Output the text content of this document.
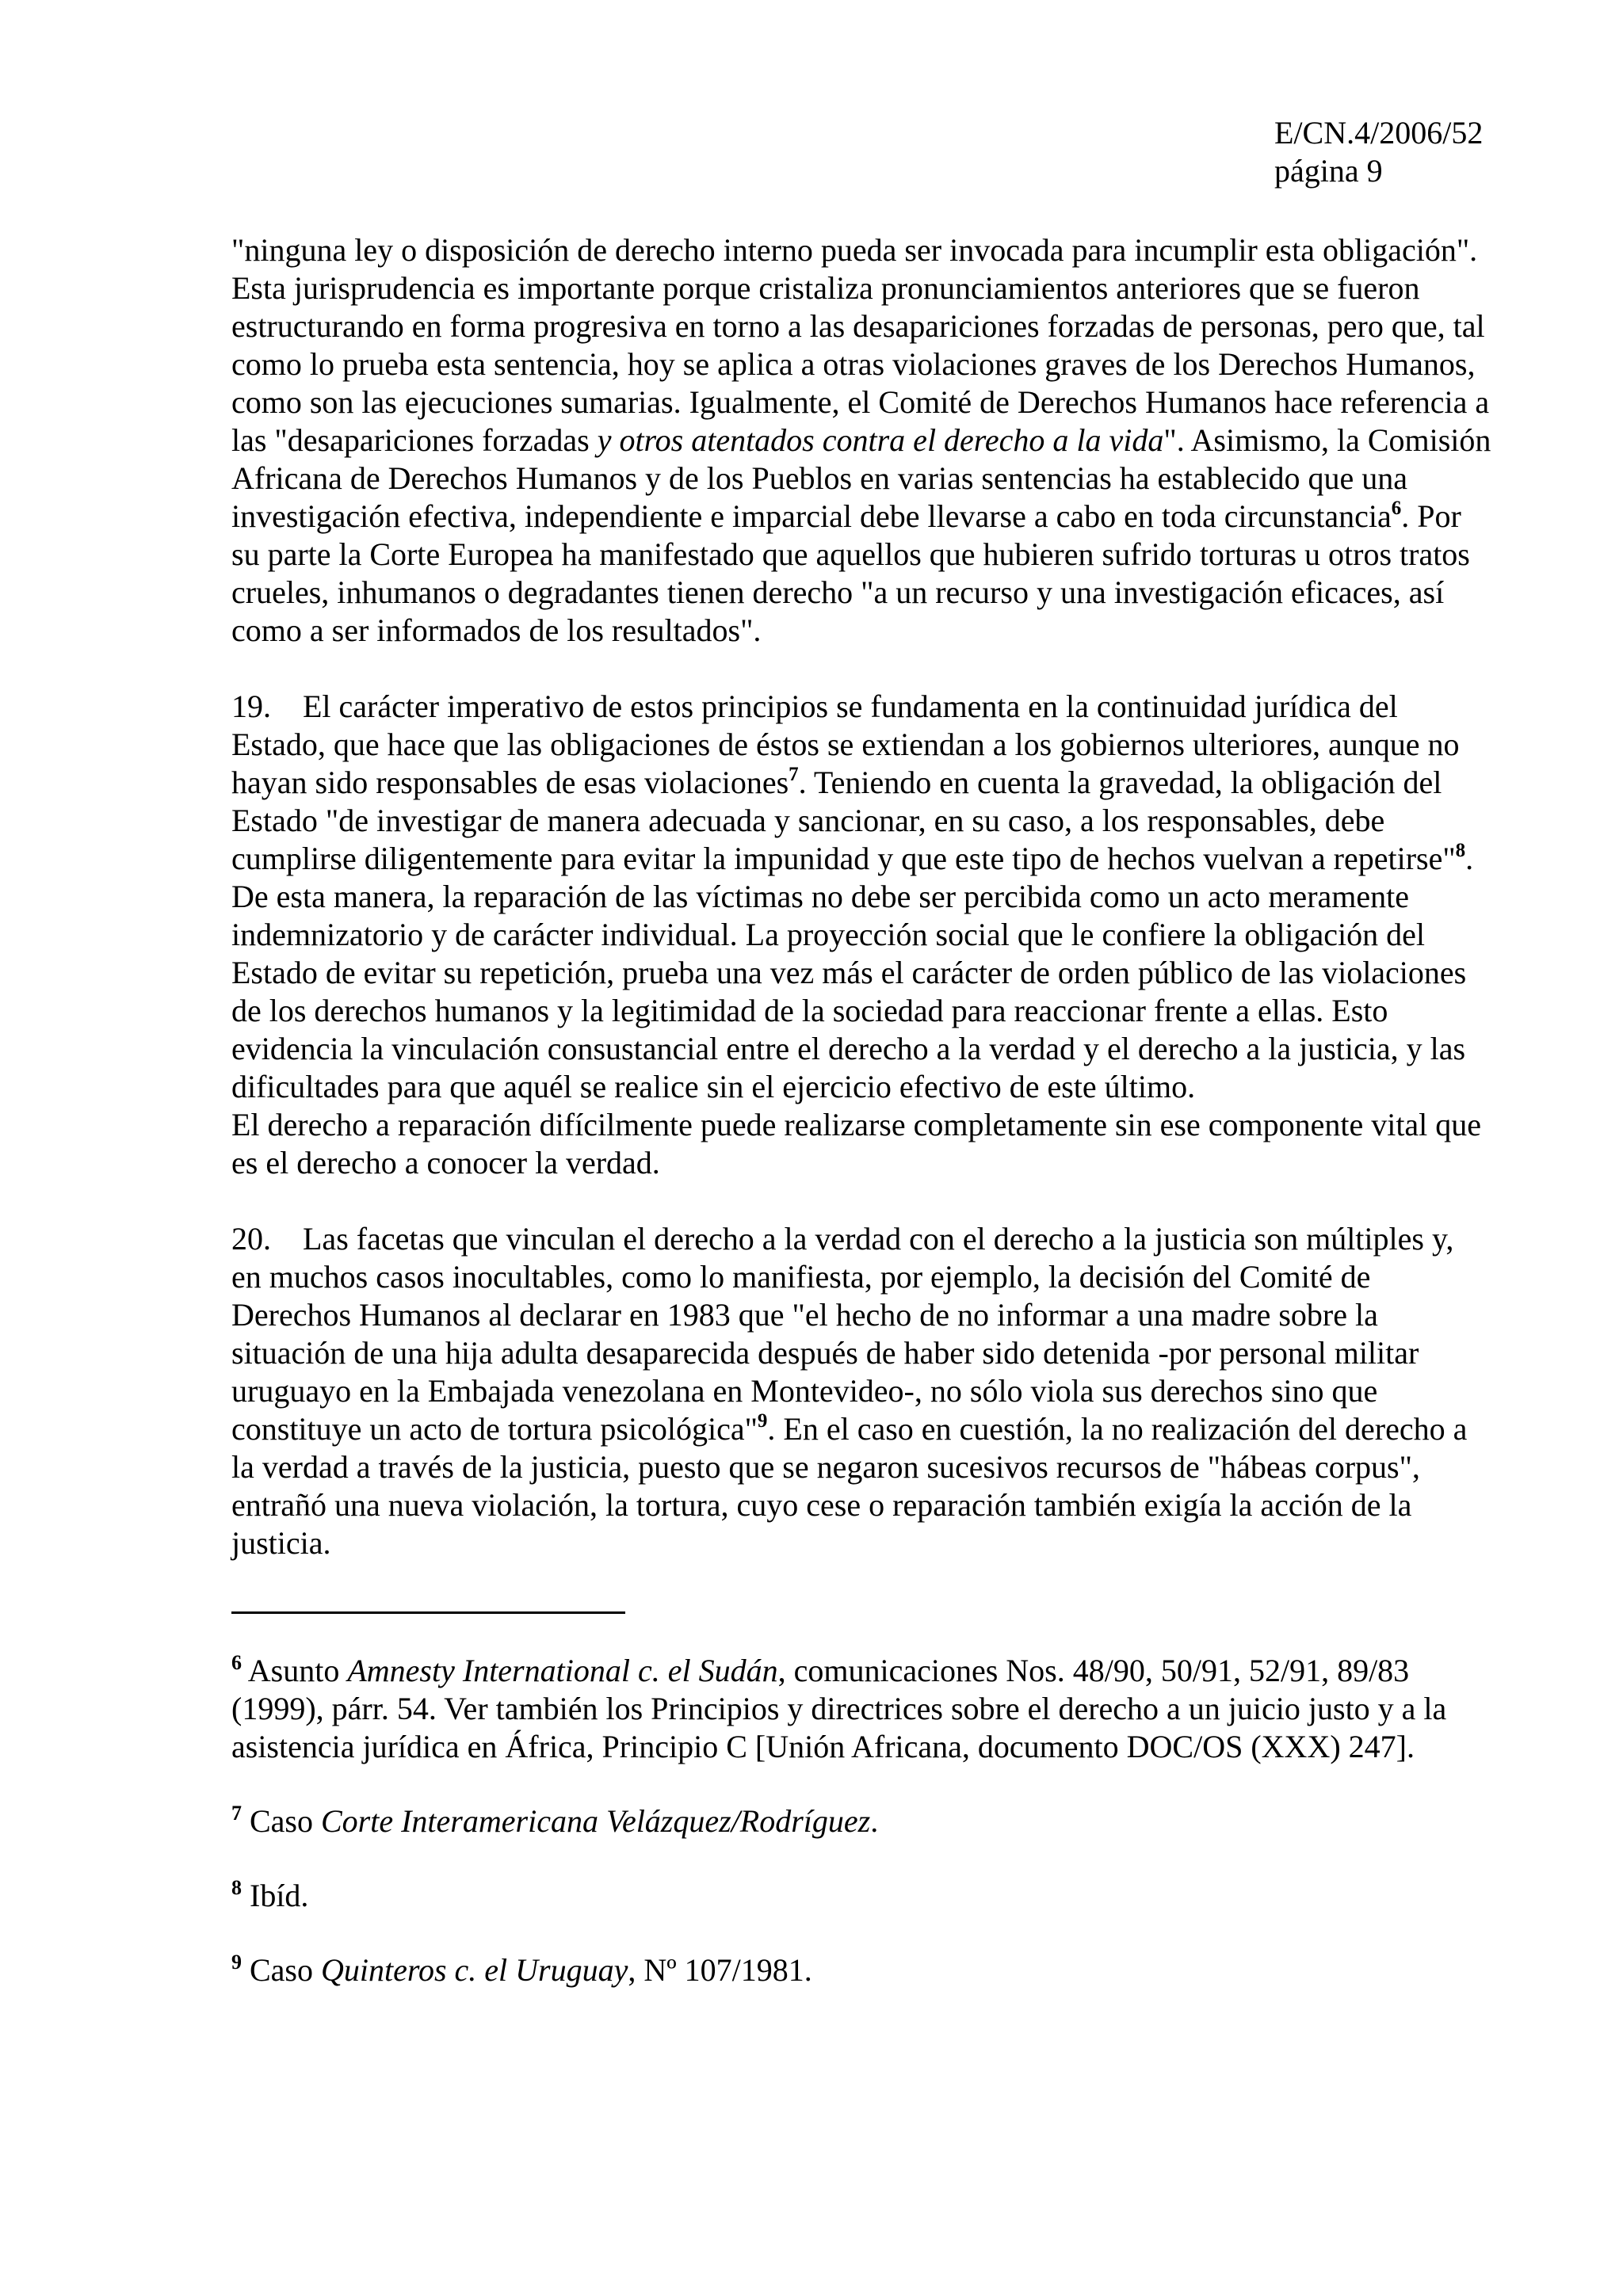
E/CN.4/2006/52
página 9

"ninguna ley o disposición de derecho interno pueda ser invocada para incumplir esta obligación". Esta jurisprudencia es importante porque cristaliza pronunciamientos anteriores que se fueron estructurando en forma progresiva en torno a las desapariciones forzadas de personas, pero que, tal como lo prueba esta sentencia, hoy se aplica a otras violaciones graves de los Derechos Humanos, como son las ejecuciones sumarias. Igualmente, el Comité de Derechos Humanos hace referencia a las "desapariciones forzadas y otros atentados contra el derecho a la vida". Asimismo, la Comisión Africana de Derechos Humanos y de los Pueblos en varias sentencias ha establecido que una investigación efectiva, independiente e imparcial debe llevarse a cabo en toda circunstancia$^6$. Por su parte la Corte Europea ha manifestado que aquellos que hubieren sufrido torturas u otros tratos crueles, inhumanos o degradantes tienen derecho "a un recurso y una investigación eficaces, así como a ser informados de los resultados".

19. El carácter imperativo de estos principios se fundamenta en la continuidad jurídica del Estado, que hace que las obligaciones de éstos se extiendan a los gobiernos ulteriores, aunque no hayan sido responsables de esas violaciones$^7$. Teniendo en cuenta la gravedad, la obligación del Estado "de investigar de manera adecuada y sancionar, en su caso, a los responsables, debe cumplirse diligentemente para evitar la impunidad y que este tipo de hechos vuelvan a repetirse"$^8$. De esta manera, la reparación de las víctimas no debe ser percibida como un acto meramente indemnizatorio y de carácter individual. La proyección social que le confiere la obligación del Estado de evitar su repetición, prueba una vez más el carácter de orden público de las violaciones de los derechos humanos y la legitimidad de la sociedad para reaccionar frente a ellas. Esto evidencia la vinculación consustancial entre el derecho a la verdad y el derecho a la justicia, y las dificultades para que aquél se realice sin el ejercicio efectivo de este último.
El derecho a reparación difícilmente puede realizarse completamente sin ese componente vital que es el derecho a conocer la verdad.

20. Las facetas que vinculan el derecho a la verdad con el derecho a la justicia son múltiples y, en muchos casos inocultables, como lo manifiesta, por ejemplo, la decisión del Comité de Derechos Humanos al declarar en 1983 que "el hecho de no informar a una madre sobre la situación de una hija adulta desaparecida después de haber sido detenida -por personal militar uruguayo en la Embajada venezolana en Montevideo-, no sólo viola sus derechos sino que constituye un acto de tortura psicológica"$^9$. En el caso en cuestión, la no realización del derecho a la verdad a través de la justicia, puesto que se negaron sucesivos recursos de "hábeas corpus", entrañó una nueva violación, la tortura, cuyo cese o reparación también exigía la acción de la justicia.

$^6$ Asunto Amnesty International c. el Sudán, comunicaciones Nos. 48/90, 50/91, 52/91, 89/83 (1999), párr. 54. Ver también los Principios y directrices sobre el derecho a un juicio justo y a la asistencia jurídica en África, Principio C [Unión Africana, documento DOC/OS (XXX) 247].

$^7$ Caso Corte Interamericana Velázquez/Rodríguez.

$^8$ Ibíd.

$^9$ Caso Quinteros c. el Uruguay, Nº 107/1981.
